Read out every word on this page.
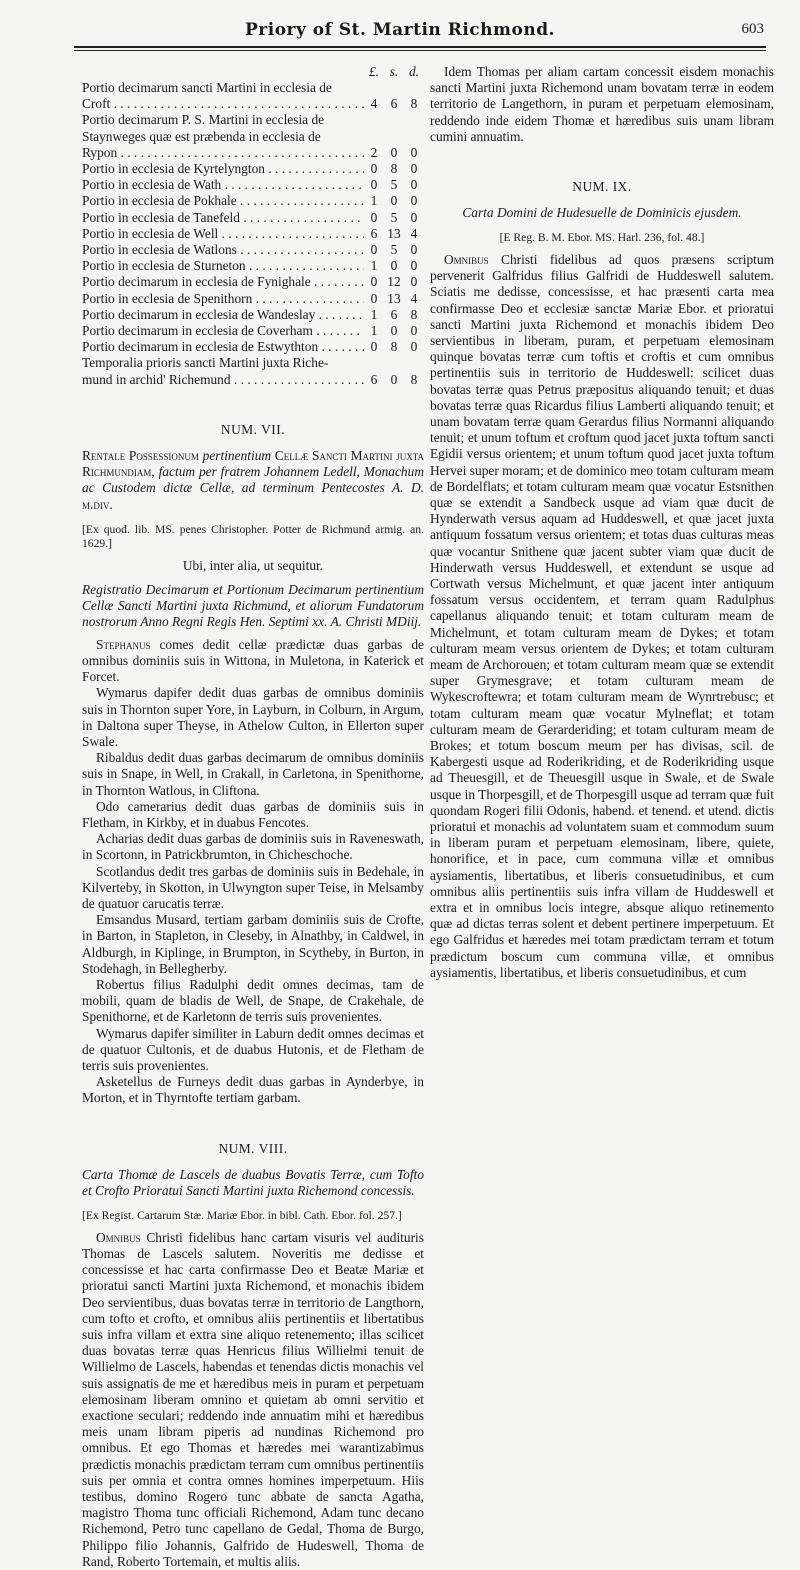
Priory of St. Martin Richmond.	603
£. s. d.
Portio decimarum sancti Martini in ecclesia de
Croft . . .	4 6 8
Portio decimarum P. S. Martini in ecclesia de
Staynweges quæ est præbenda in ecclesia de
Rypon . . .	2 0 0
Portio in ecclesia de Kyrtelyngton . . .	0 8 0
Portio in ecclesia de Wath . . .	0 5 0
Portio in ecclesia de Pokhale . . .	1 0 0
Portio in ecclesia de Tanefeld . . .	0 5 0
Portio in ecclesia de Well . . .	6 13 4
Portio in ecclesia de Watlons . . .	0 5 0
Portio in ecclesia de Sturneton . . .	1 0 0
Portio decimarum in ecclesia de Fynighale . . .	0 12 0
Portio in ecclesia de Spenithorn . . .	0 13 4
Portio decimarum in ecclesia de Wandeslay . . .	1 6 8
Portio decimarum in ecclesia de Coverham . . .	1 0 0
Portio decimarum in ecclesia de Estwythton . . .	0 8 0
Temporalia prioris sancti Martini juxta Riche-
mund in archid' Richemund . . .	6 0 8
NUM. VII.

Rentale Possessionum pertinentium Cellæ Sancti Martini juxta Richmundiam, factum per fratrem Johannem Ledell, Monachum ac Custodem dictæ Cellæ, ad terminum Pentecostes A. D. m.div.

[Ex quod. lib. MS. penes Christopher. Potter de Richmund armig. an. 1629.]

Ubi, inter alia, ut sequitur.

Registratio Decimarum et Portionum Decimarum pertinentium Cellæ Sancti Martini juxta Richmund, et aliorum Fundatorum nostrorum Anno Regni Regis Hen. Septimi xx. A. Christi MDiij.

Stephanus comes dedit cellæ prædictæ duas garbas de omnibus dominiis suis in Wittona, in Muletona, in Katerick et Forcet.

Wymarus dapifer dedit duas garbas de omnibus dominiis suis in Thornton super Yore, in Layburn, in Colburn, in Argum, in Daltona super Theyse, in Athelow Culton, in Ellerton super Swale.

Ribaldus dedit duas garbas decimarum de omnibus dominiis suis in Snape, in Well, in Crakall, in Carletona, in Spenithorne, in Thornton Watlous, in Cliftona.

Odo camerarius dedit duas garbas de dominiis suis in Fletham, in Kirkby, et in duabus Fencotes.

Acharias dedit duas garbas de dominiis suis in Raveneswath, in Scortonn, in Patrickbrumton, in Chicheschoche.

Scotlandus dedit tres garbas de dominiis suis in Bedehale, in Kilverteby, in Skotton, in Ulwyngton super Teise, in Melsamby de quatuor carucatis terræ.

Emsandus Musard, tertiam garbam dominiis suis de Crofte, in Barton, in Stapleton, in Cleseby, in Alnathby, in Caldwel, in Aldburgh, in Kiplinge, in Brumpton, in Scytheby, in Burton, in Stodehagh, in Bellegherby.

Robertus filius Radulphi dedit omnes decimas, tam de mobili, quam de bladis de Well, de Snape, de Crakehale, de Spenithorne, et de Karletonn de terris suis provenientes.

Wymarus dapifer similiter in Laburn dedit omnes decimas et de quatuor Cultonis, et de duabus Hutonis, et de Fletham de terris suis provenientes.

Asketellus de Furneys dedit duas garbas in Aynderbye, in Morton, et in Thyrntofte tertiam garbam.

NUM. VIII.

Carta Thomæ de Lascels de duabus Bovatis Terræ, cum Tofto et Crofto Prioratui Sancti Martini juxta Richemond concessis.

[Ex Regist. Cartarum Stæ. Mariæ Ebor. in bibl. Cath. Ebor. fol. 257.]

Omnibus Christi fidelibus hanc cartam visuris vel audituris Thomas de Lascels salutem. Noveritis me dedisse et concessisse et hac carta confirmasse Deo et Beatæ Mariæ et prioratui sancti Martini juxta Richemond, et monachis ibidem Deo servientibus, duas bovatas terræ in territorio de Langthorn, cum tofto et crofto, et omnibus aliis pertinentiis et libertatibus suis infra villam et extra sine aliquo retenemento; illas scilicet duas bovatas terræ quas Henricus filius Willielmi tenuit de Willielmo de Lascels, habendas et tenendas dictis monachis vel suis assignatis de me et hæredibus meis in puram et perpetuam elemosinam liberam omnino et quietam ab omni servitio et exactione seculari; reddendo inde annuatim mihi et hæredibus meis unam libram piperis ad nundinas Richemond pro omnibus. Et ego Thomas et hæredes mei warantizabimus prædictis monachis prædictam terram cum omnibus pertinentiis suis per omnia et contra omnes homines imperpetuum. Hiis testibus, domino Rogero tunc abbate de sancta Agatha, magistro Thoma tunc officiali Richemond, Adam tunc decano Richemond, Petro tunc capellano de Gedal, Thoma de Burgo, Philippo filio Johannis, Galfrido de Hudeswell, Thoma de Rand, Roberto Tortemain, et multis aliis.

Idem Thomas per aliam cartam concessit eisdem monachis sancti Martini juxta Richemond unam bovatam terræ in eodem territorio de Langethorn, in puram et perpetuam elemosinam, reddendo inde eidem Thomæ et hæredibus suis unam libram cumini annuatim.

NUM. IX.

Carta Domini de Hudesuelle de Dominicis ejusdem.

[E Reg. B. M. Ebor. MS. Harl. 236, fol. 48.]

Omnibus Christi fidelibus ad quos præsens scriptum pervenerit Galfridus filius Galfridi de Huddeswell salutem. Sciatis me dedisse, concessisse, et hac præsenti carta mea confirmasse Deo et ecclesiæ sanctæ Mariæ Ebor. et prioratui sancti Martini juxta Richemond et monachis ibidem Deo servientibus in liberam, puram, et perpetuam elemosinam quinque bovatas terræ cum toftis et croftis et cum omnibus pertinentiis suis in territorio de Huddeswell: scilicet duas bovatas terræ quas Petrus præpositus aliquando tenuit; et duas bovatas terræ quas Ricardus filius Lamberti aliquando tenuit; et unam bovatam terræ quam Gerardus filius Normanni aliquando tenuit; et unum toftum et croftum quod jacet juxta toftum sancti Egidii versus orientem; et unum toftum quod jacet juxta toftum Hervei super moram; et de dominico meo totam culturam meam de Bordelflats; et totam culturam meam quæ vocatur Estsnithen quæ se extendit a Sandbeck usque ad viam quæ ducit de Hynderwath versus aquam ad Huddeswell, et quæ jacet juxta antiquum fossatum versus orientem; et totas duas culturas meas quæ vocantur Snithene quæ jacent subter viam quæ ducit de Hinderwath versus Huddeswell, et extendunt se usque ad Cortwath versus Michelmunt, et quæ jacent inter antiquum fossatum versus occidentem, et terram quam Radulphus capellanus aliquando tenuit; et totam culturam meam de Michelmunt, et totam culturam meam de Dykes; et totam culturam meam versus orientem de Dykes; et totam culturam meam de Archorouen; et totam culturam meam quæ se extendit super Grymesgrave; et totam culturam meam de Wykescroftewra; et totam culturam meam de Wynrtrebusc; et totam culturam meam quæ vocatur Mylneflat; et totam culturam meam de Gerarderiding; et totam culturam meam de Brokes; et totum boscum meum per has divisas, scil. de Kabergesti usque ad Roderikriding, et de Roderikriding usque ad Theuesgill, et de Theuesgill usque in Swale, et de Swale usque in Thorpesgill, et de Thorpesgill usque ad terram quæ fuit quondam Rogeri filii Odonis, habend. et tenend. et utend. dictis prioratui et monachis ad voluntatem suam et commodum suum in liberam puram et perpetuam elemosinam, libere, quiete, honorifice, et in pace, cum communa villæ et omnibus aysiamentis, libertatibus, et liberis consuetudinibus, et cum omnibus aliis pertinentiis suis infra villam de Huddeswell et extra et in omnibus locis integre, absque aliquo retinemento quæ ad dictas terras solent et debent pertinere imperpetuum. Et ego Galfridus et hæredes mei totam prædictam terram et totum prædictum boscum cum communa villæ, et omnibus aysiamentis, libertatibus, et liberis consuetudinibus, et cum
